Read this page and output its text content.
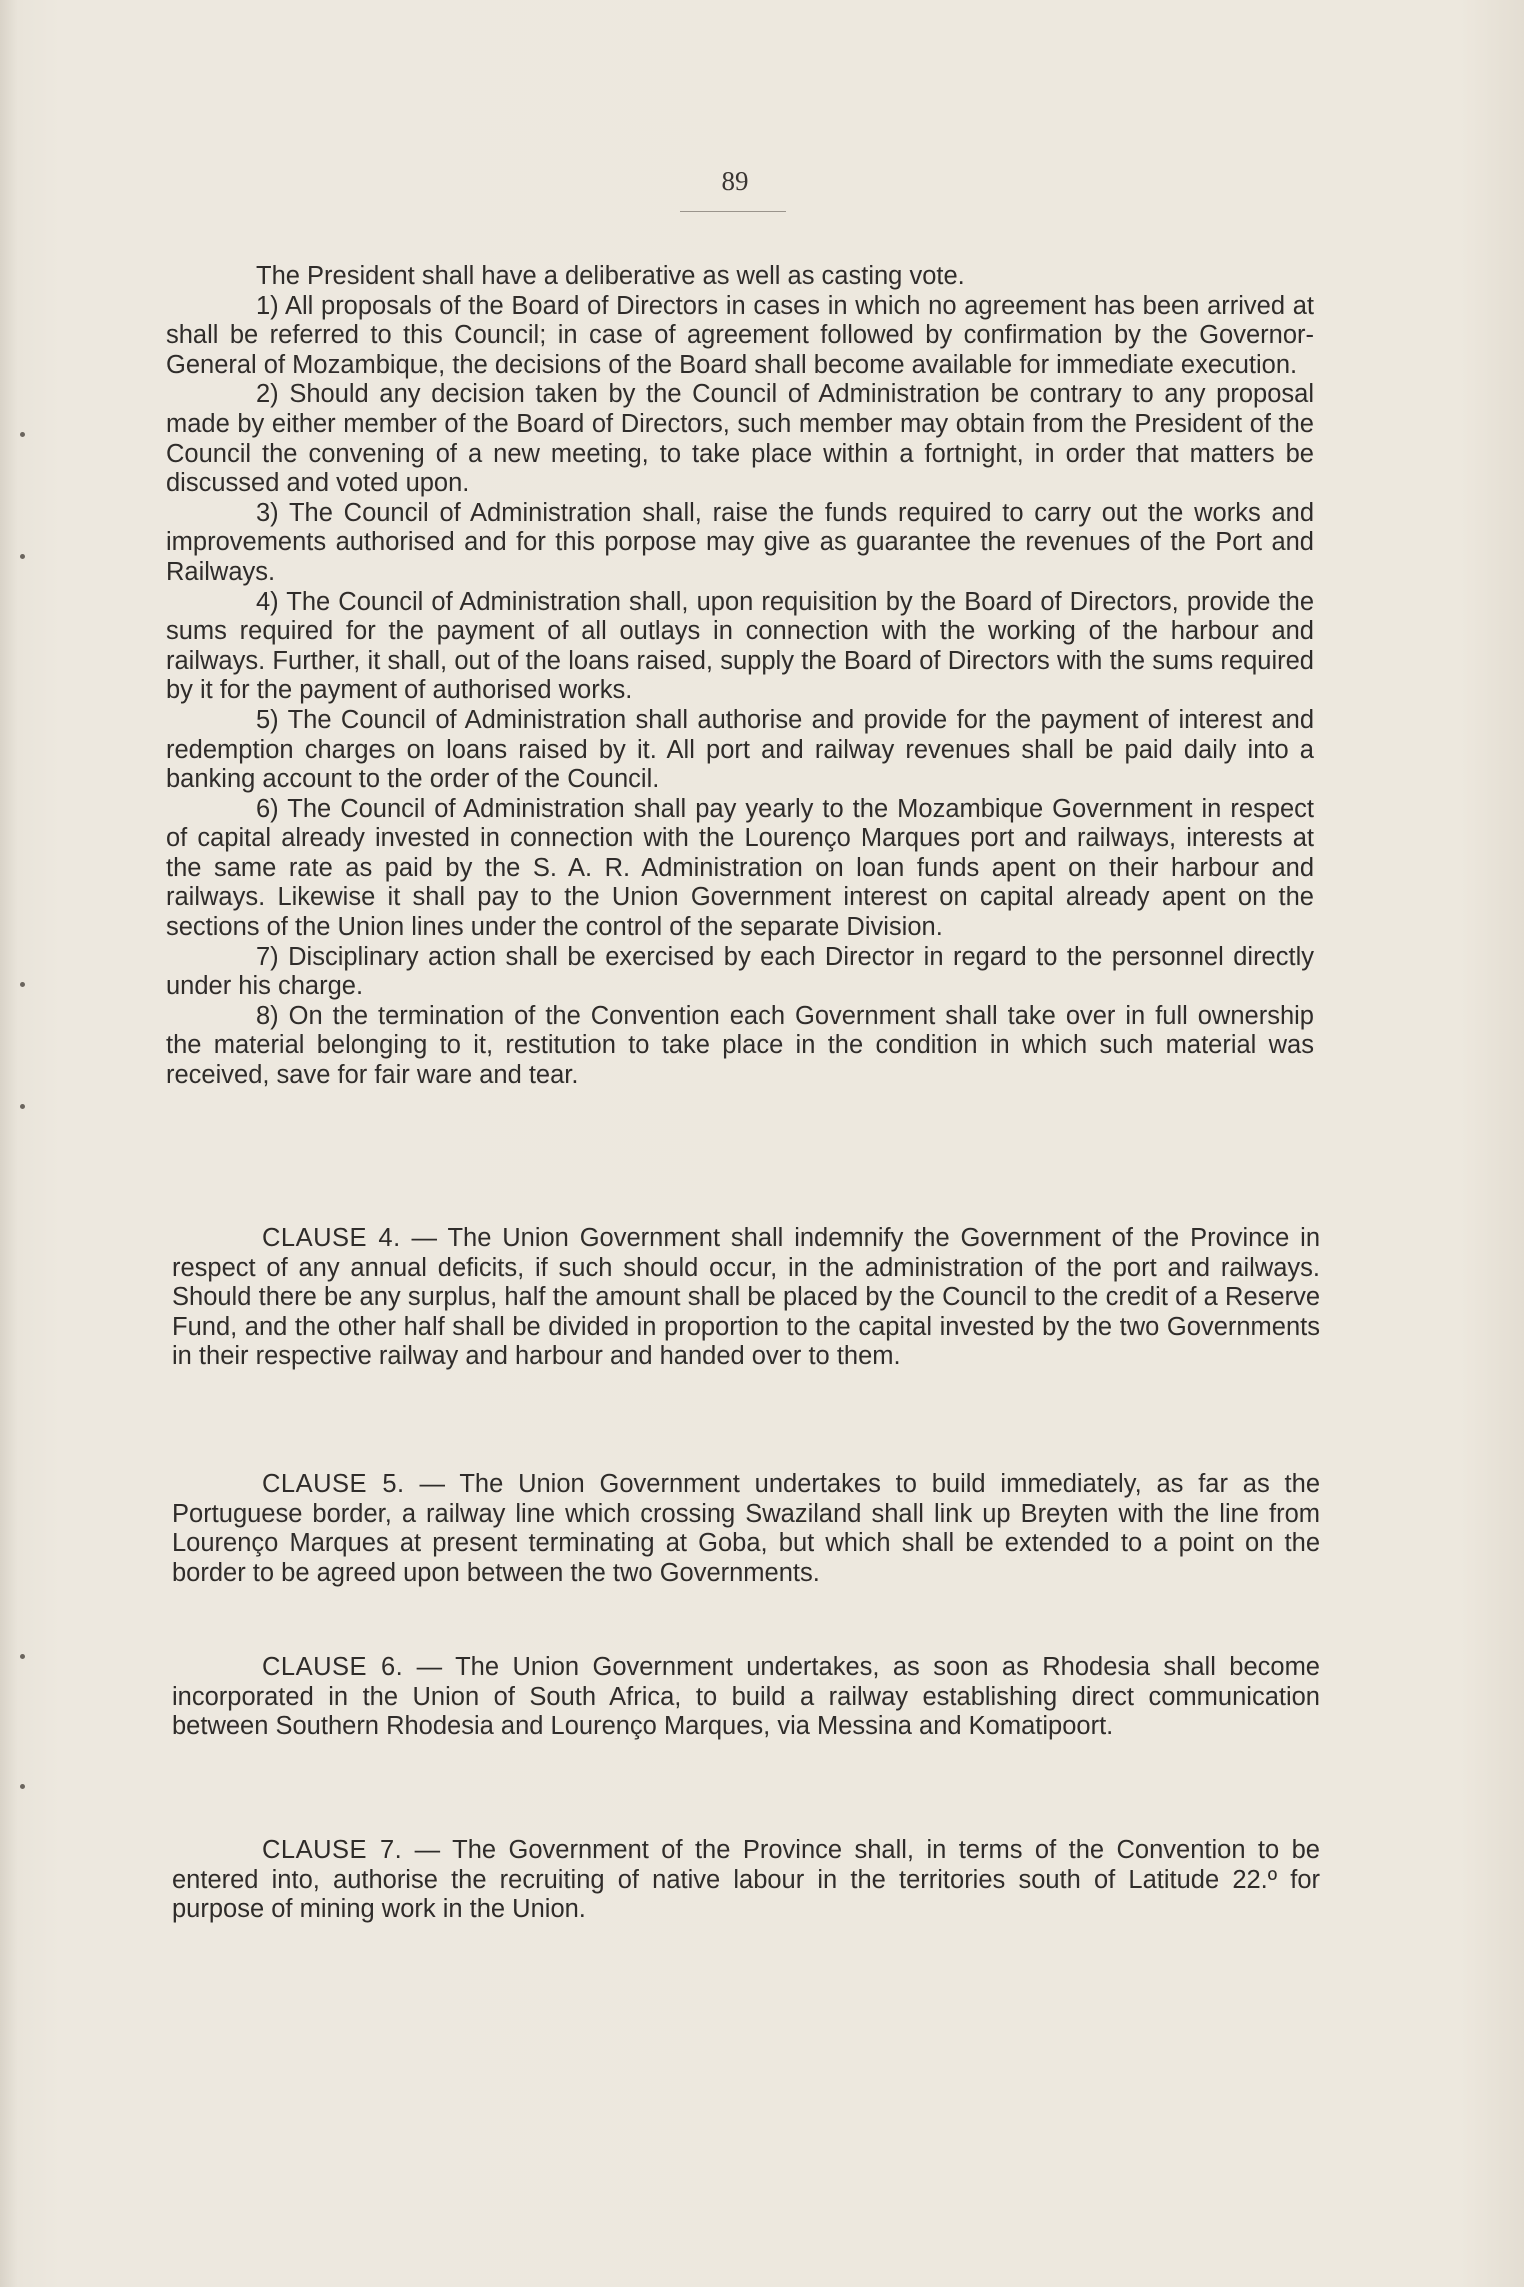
89

The President shall have a deliberative as well as casting vote.

1) All proposals of the Board of Directors in cases in which no agreement has been arrived at shall be referred to this Council; in case of agreement followed by confirmation by the Governor-General of Mozambique, the decisions of the Board shall become available for immediate execution.

2) Should any decision taken by the Council of Administration be contrary to any proposal made by either member of the Board of Directors, such member may obtain from the President of the Council the convening of a new meeting, to take place within a fortnight, in order that matters be discussed and voted upon.

3) The Council of Administration shall, raise the funds required to carry out the works and improvements authorised and for this porpose may give as guarantee the revenues of the Port and Railways.

4) The Council of Administration shall, upon requisition by the Board of Directors, provide the sums required for the payment of all outlays in connection with the working of the harbour and railways. Further, it shall, out of the loans raised, supply the Board of Directors with the sums required by it for the payment of authorised works.

5) The Council of Administration shall authorise and provide for the payment of interest and redemption charges on loans raised by it. All port and railway revenues shall be paid daily into a banking account to the order of the Council.

6) The Council of Administration shall pay yearly to the Mozambique Government in respect of capital already invested in connection with the Lourenço Marques port and railways, interests at the same rate as paid by the S. A. R. Administration on loan funds apent on their harbour and railways. Likewise it shall pay to the Union Government interest on capital already apent on the sections of the Union lines under the control of the separate Division.

7) Disciplinary action shall be exercised by each Director in regard to the personnel directly under his charge.

8) On the termination of the Convention each Government shall take over in full ownership the material belonging to it, restitution to take place in the condition in which such material was received, save for fair ware and tear.

CLAUSE 4. — The Union Government shall indemnify the Government of the Province in respect of any annual deficits, if such should occur, in the administration of the port and railways. Should there be any surplus, half the amount shall be placed by the Council to the credit of a Reserve Fund, and the other half shall be divided in proportion to the capital invested by the two Governments in their respective railway and harbour and handed over to them.

CLAUSE 5. — The Union Government undertakes to build immediately, as far as the Portuguese border, a railway line which crossing Swaziland shall link up Breyten with the line from Lourenço Marques at present terminating at Goba, but which shall be extended to a point on the border to be agreed upon between the two Governments.

CLAUSE 6. — The Union Government undertakes, as soon as Rhodesia shall become incorporated in the Union of South Africa, to build a railway establishing direct communication between Southern Rhodesia and Lourenço Marques, via Messina and Komatipoort.

CLAUSE 7. — The Government of the Province shall, in terms of the Convention to be entered into, authorise the recruiting of native labour in the territories south of Latitude 22.º for purpose of mining work in the Union.
